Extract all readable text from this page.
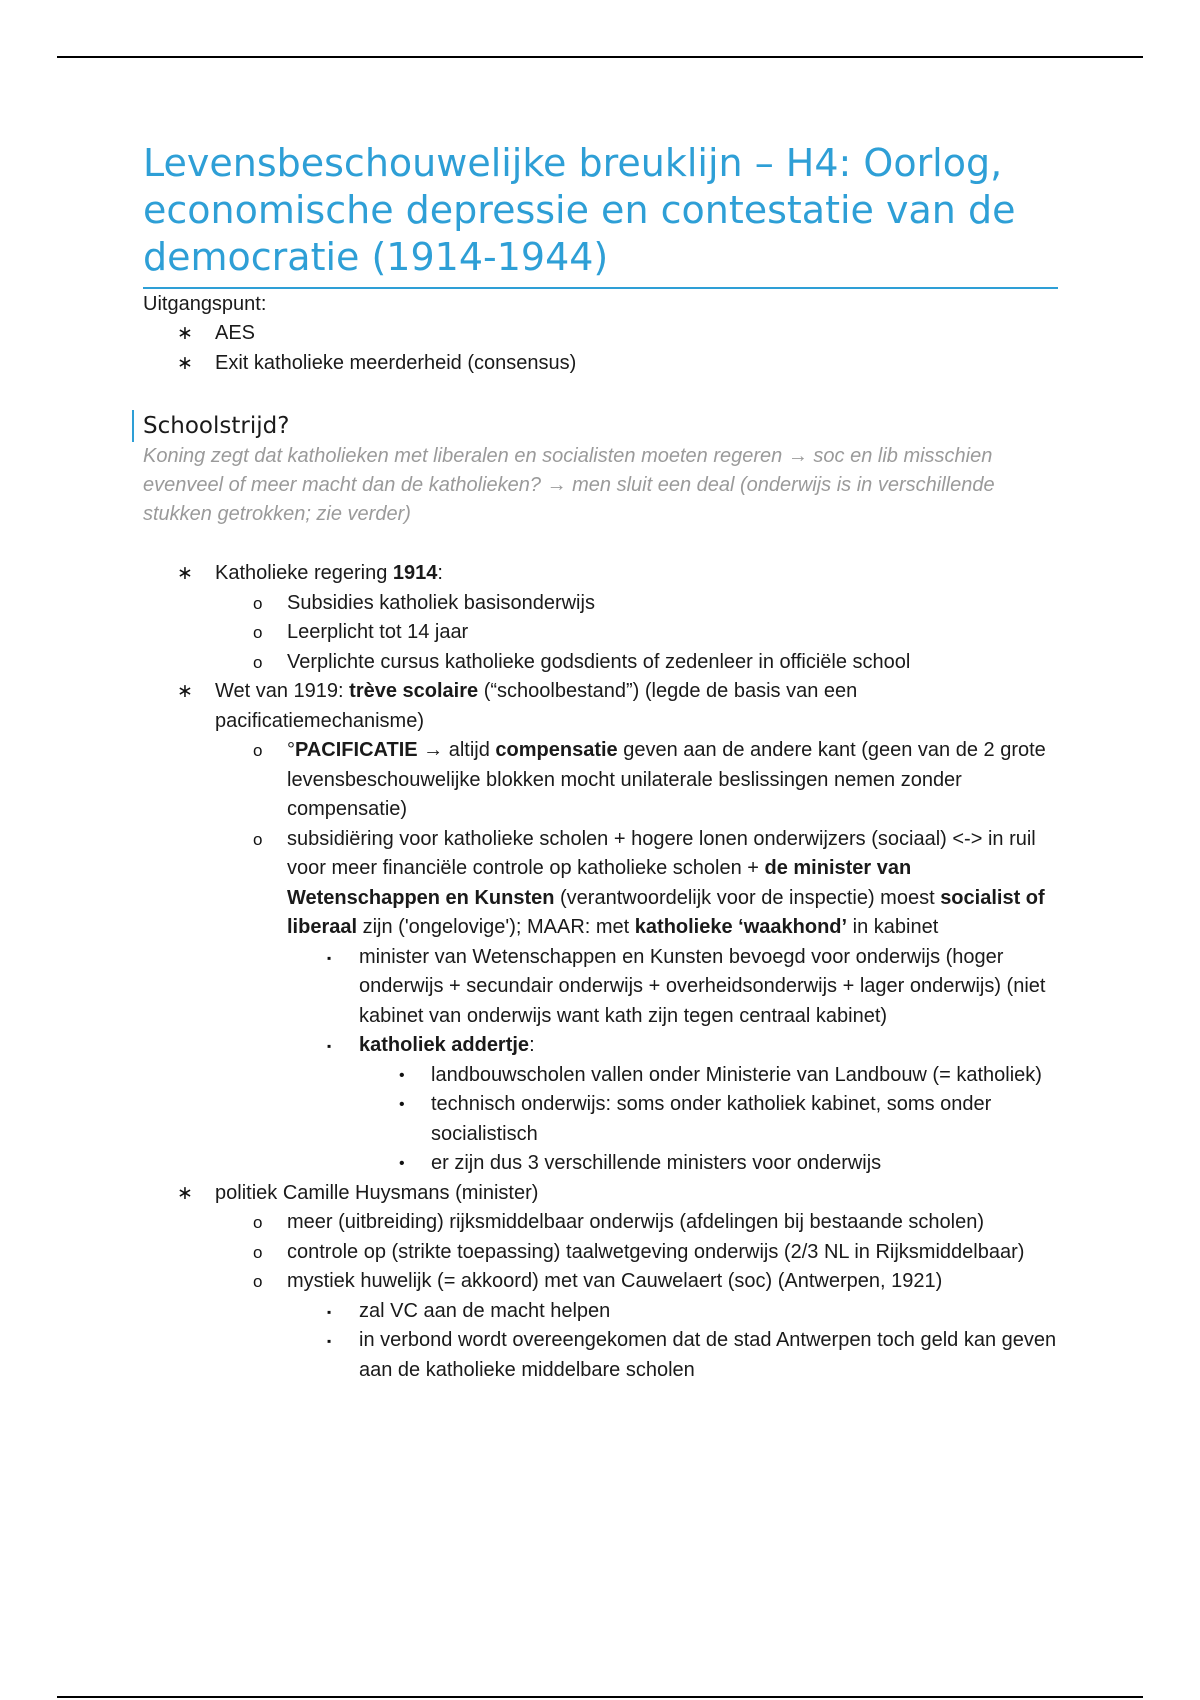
Levensbeschouwelijke breuklijn – H4: Oorlog, economische depressie en contestatie van de democratie (1914-1944)
Uitgangspunt:
∗ AES
∗ Exit katholieke meerderheid (consensus)
Schoolstrijd?
Koning zegt dat katholieken met liberalen en socialisten moeten regeren → soc en lib misschien evenveel of meer macht dan de katholieken? → men sluit een deal (onderwijs is in verschillende stukken getrokken; zie verder)
∗ Katholieke regering 1914:
o Subsidies katholiek basisonderwijs
o Leerplicht tot 14 jaar
o Verplichte cursus katholieke godsdients of zedenleer in officiële school
∗ Wet van 1919: trève scolaire (“schoolbestand”) (legde de basis van een pacificatiemechanisme)
o °PACIFICATIE → altijd compensatie geven aan de andere kant (geen van de 2 grote levensbeschouwelijke blokken mocht unilaterale beslissingen nemen zonder compensatie)
o subsidiëring voor katholieke scholen + hogere lonen onderwijzers (sociaal) <-> in ruil voor meer financiële controle op katholieke scholen + de minister van Wetenschappen en Kunsten (verantwoordelijk voor de inspectie) moest socialist of liberaal zijn ('ongelovige'); MAAR: met katholieke ‘waakhond’ in kabinet
▪ minister van Wetenschappen en Kunsten bevoegd voor onderwijs (hoger onderwijs + secundair onderwijs + overheidsonderwijs + lager onderwijs) (niet kabinet van onderwijs want kath zijn tegen centraal kabinet)
▪ katholiek addertje:
• landbouwscholen vallen onder Ministerie van Landbouw (= katholiek)
• technisch onderwijs: soms onder katholiek kabinet, soms onder socialistisch
• er zijn dus 3 verschillende ministers voor onderwijs
∗ politiek Camille Huysmans (minister)
o meer (uitbreiding) rijksmiddelbaar onderwijs (afdelingen bij bestaande scholen)
o controle op (strikte toepassing) taalwetgeving onderwijs (2/3 NL in Rijksmiddelbaar)
o mystiek huwelijk (= akkoord) met van Cauwelaert (soc) (Antwerpen, 1921)
▪ zal VC aan de macht helpen
▪ in verbond wordt overeengekomen dat de stad Antwerpen toch geld kan geven aan de katholieke middelbare scholen
